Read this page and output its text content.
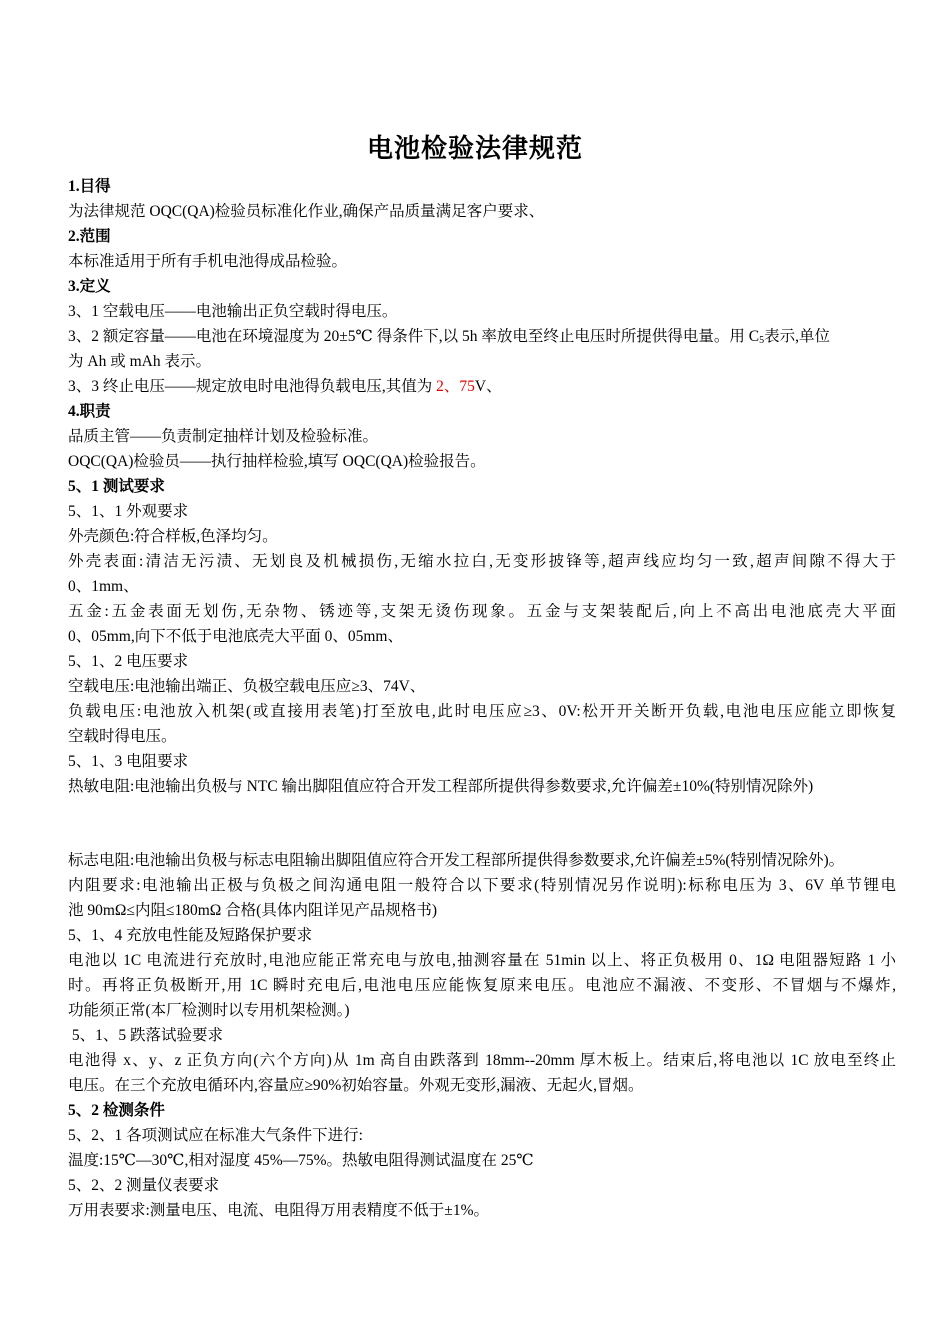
电池检验法律规范
1.目得
为法律规范 OQC(QA)检验员标准化作业,确保产品质量满足客户要求、
2.范围
本标准适用于所有手机电池得成品检验。
3.定义
3、1 空载电压——电池输出正负空载时得电压。
3、2 额定容量——电池在环境湿度为 20±5℃ 得条件下,以 5h 率放电至终止电压时所提供得电量。用 $C_5$表示,单位
为 Ah 或 mAh 表示。
3、3 终止电压——规定放电时电池得负载电压,其值为 2、75V、
4.职责
品质主管——负责制定抽样计划及检验标准。
OQC(QA)检验员——执行抽样检验,填写 OQC(QA)检验报告。
5、1 测试要求
5、1、1 外观要求
外壳颜色:符合样板,色泽均匀。
外壳表面:清洁无污渍、无划良及机械损伤,无缩水拉白,无变形披锋等,超声线应均匀一致,超声间隙不得大于
0、1mm、
五金:五金表面无划伤,无杂物、锈迹等,支架无烫伤现象。五金与支架装配后,向上不高出电池底壳大平面
0、05mm,向下不低于电池底壳大平面 0、05mm、
5、1、2 电压要求
空载电压:电池输出端正、负极空载电压应≥3、74V、
负载电压:电池放入机架(或直接用表笔)打至放电,此时电压应≥3、0V:松开开关断开负载,电池电压应能立即恢复
空载时得电压。
5、1、3 电阻要求
热敏电阻:电池输出负极与 NTC 输出脚阻值应符合开发工程部所提供得参数要求,允许偏差±10%(特别情况除外)
标志电阻:电池输出负极与标志电阻输出脚阻值应符合开发工程部所提供得参数要求,允许偏差±5%(特别情况除外)。
内阻要求:电池输出正极与负极之间沟通电阻一般符合以下要求(特别情况另作说明):标称电压为 3、6V 单节锂电
池 90mΩ≤内阻≤180mΩ 合格(具体内阻详见产品规格书)
5、1、4 充放电性能及短路保护要求
电池以 1C 电流进行充放时,电池应能正常充电与放电,抽测容量在 51min 以上、将正负极用 0、1Ω 电阻器短路 1 小
时。再将正负极断开,用 1C 瞬时充电后,电池电压应能恢复原来电压。电池应不漏液、不变形、不冒烟与不爆炸,
功能须正常(本厂检测时以专用机架检测。)
5、1、5 跌落试验要求
电池得 x、y、z 正负方向(六个方向)从 1m 高自由跌落到 18mm--20mm 厚木板上。结束后,将电池以 1C 放电至终止
电压。在三个充放电循环内,容量应≥90%初始容量。外观无变形,漏液、无起火,冒烟。
5、2 检测条件
5、2、1 各项测试应在标准大气条件下进行:
温度:15℃—30℃,相对湿度 45%—75%。热敏电阻得测试温度在 25℃
5、2、2 测量仪表要求
万用表要求:测量电压、电流、电阻得万用表精度不低于±1%。
